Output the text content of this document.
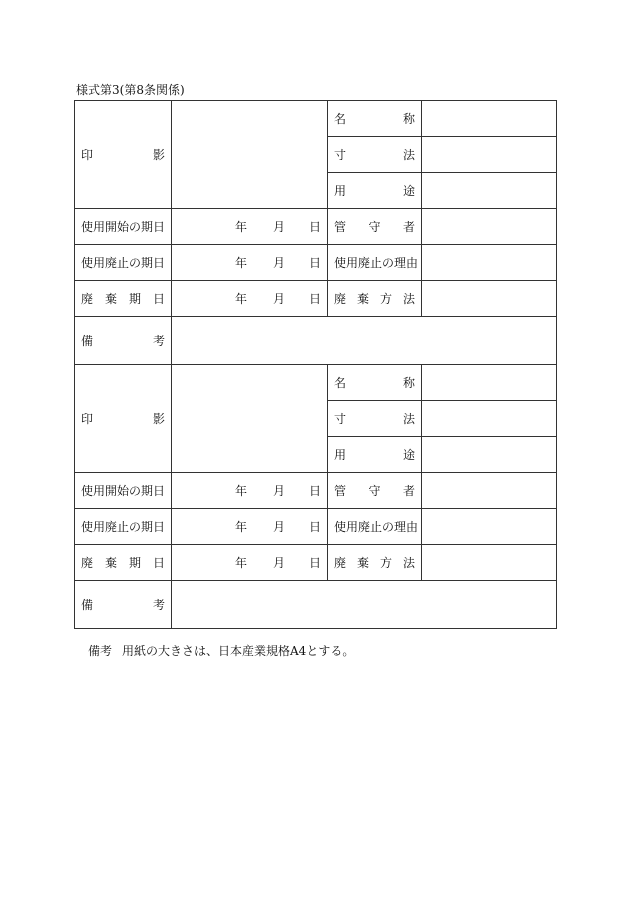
様式第3(第8条関係)
印 影		名 称	

		寸 法	

		用 途	

使用開始の期日	年 月 日	管 守 者	

使用廃止の期日	年 月 日	使用廃止の理由	

廃 棄 期 日	年 月 日	廃 棄 方 法	

備 考			

印 影		名 称	

		寸 法	

		用 途	

使用開始の期日	年 月 日	管 守 者	

使用廃止の期日	年 月 日	使用廃止の理由	

廃 棄 期 日	年 月 日	廃 棄 方 法	

備 考			

備考 用紙の大きさは、日本産業規格A4とする。
